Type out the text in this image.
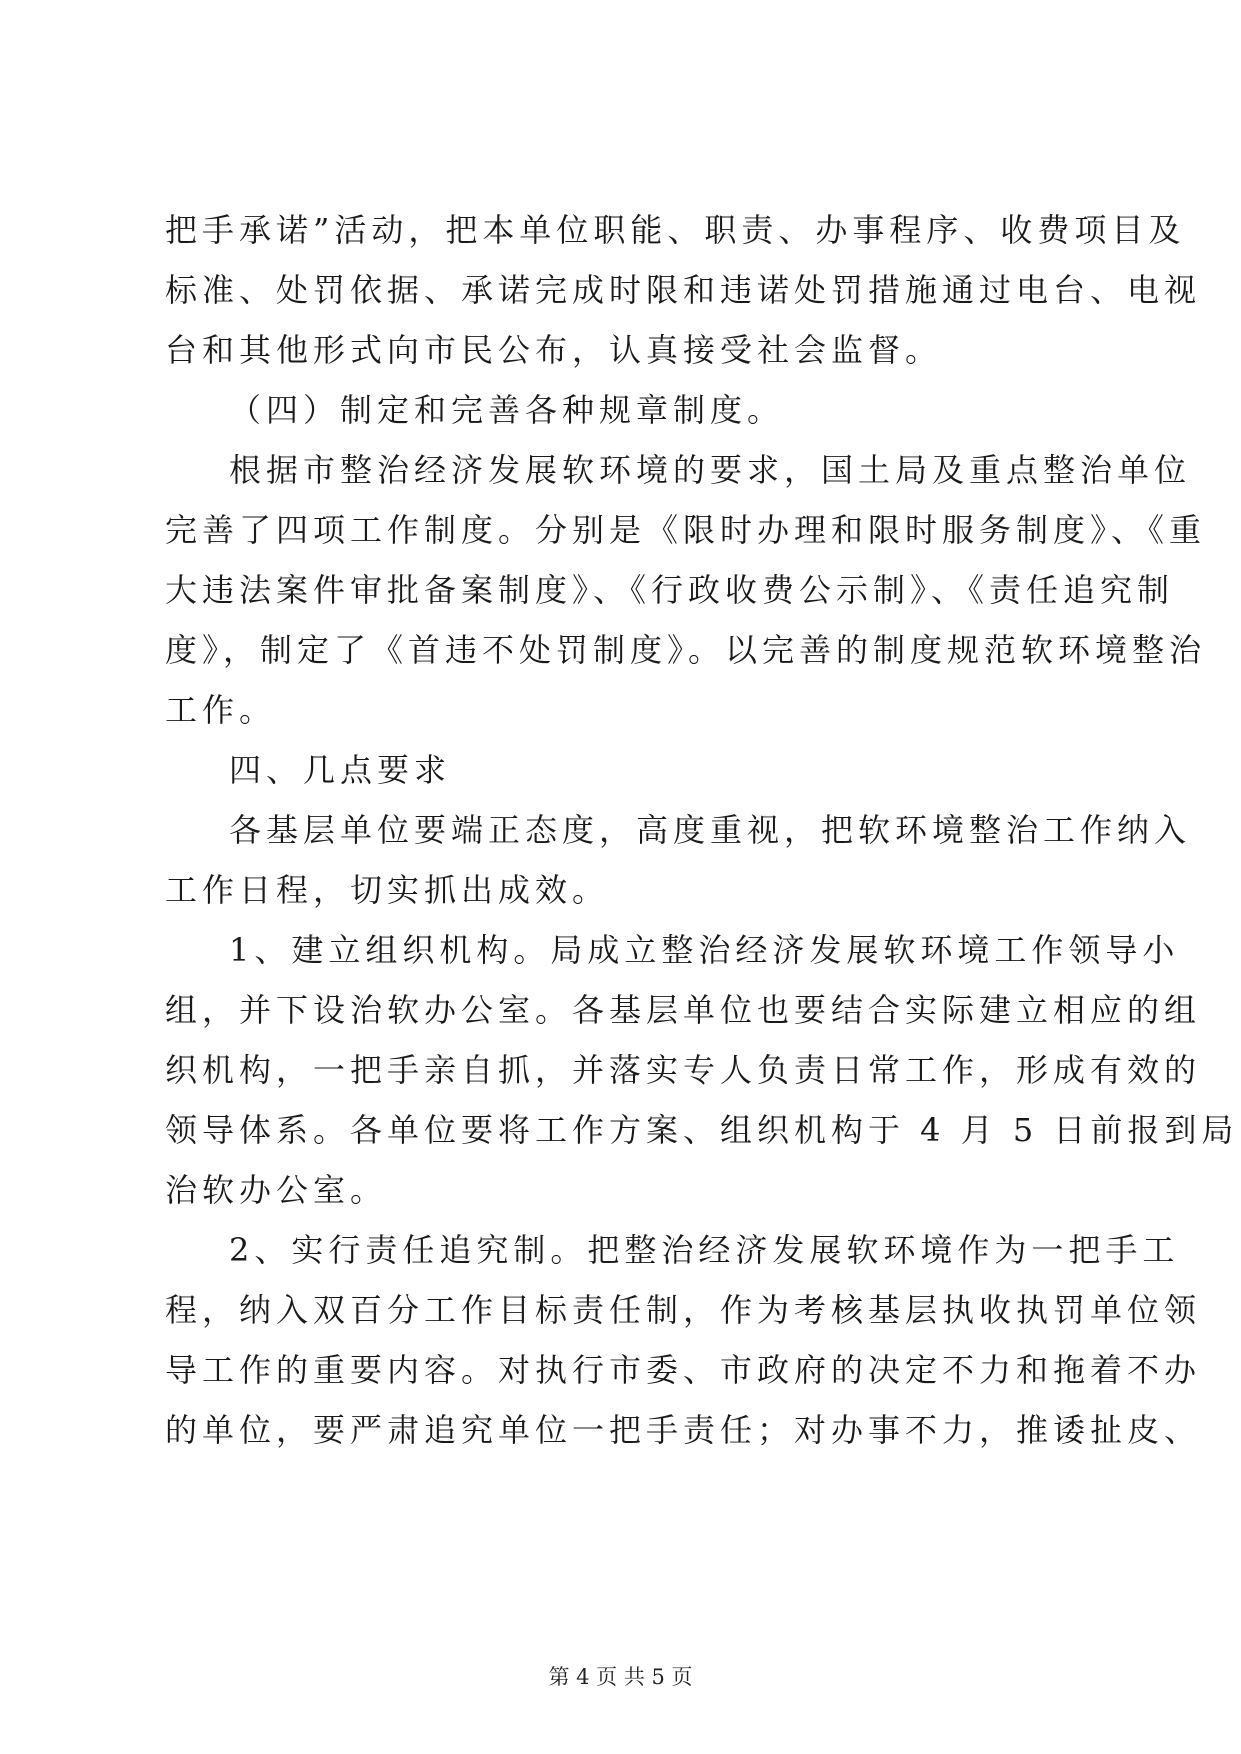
把手承诺”活动，把本单位职能、职责、办事程序、收费项目及
标准、处罚依据、承诺完成时限和违诺处罚措施通过电台、电视
台和其他形式向市民公布，认真接受社会监督。
（四）制定和完善各种规章制度。
根据市整治经济发展软环境的要求，国土局及重点整治单位
完善了四项工作制度。分别是《限时办理和限时服务制度》、《重
大违法案件审批备案制度》、《行政收费公示制》、《责任追究制
度》，制定了《首违不处罚制度》。以完善的制度规范软环境整治
工作。
四、几点要求
各基层单位要端正态度，高度重视，把软环境整治工作纳入
工作日程，切实抓出成效。
1、建立组织机构。局成立整治经济发展软环境工作领导小
组，并下设治软办公室。各基层单位也要结合实际建立相应的组
织机构，一把手亲自抓，并落实专人负责日常工作，形成有效的
领导体系。各单位要将工作方案、组织机构于 4 月 5 日前报到局
治软办公室。
2、实行责任追究制。把整治经济发展软环境作为一把手工
程，纳入双百分工作目标责任制，作为考核基层执收执罚单位领
导工作的重要内容。对执行市委、市政府的决定不力和拖着不办
的单位，要严肃追究单位一把手责任；对办事不力，推诿扯皮、
第 4 页 共 5 页
